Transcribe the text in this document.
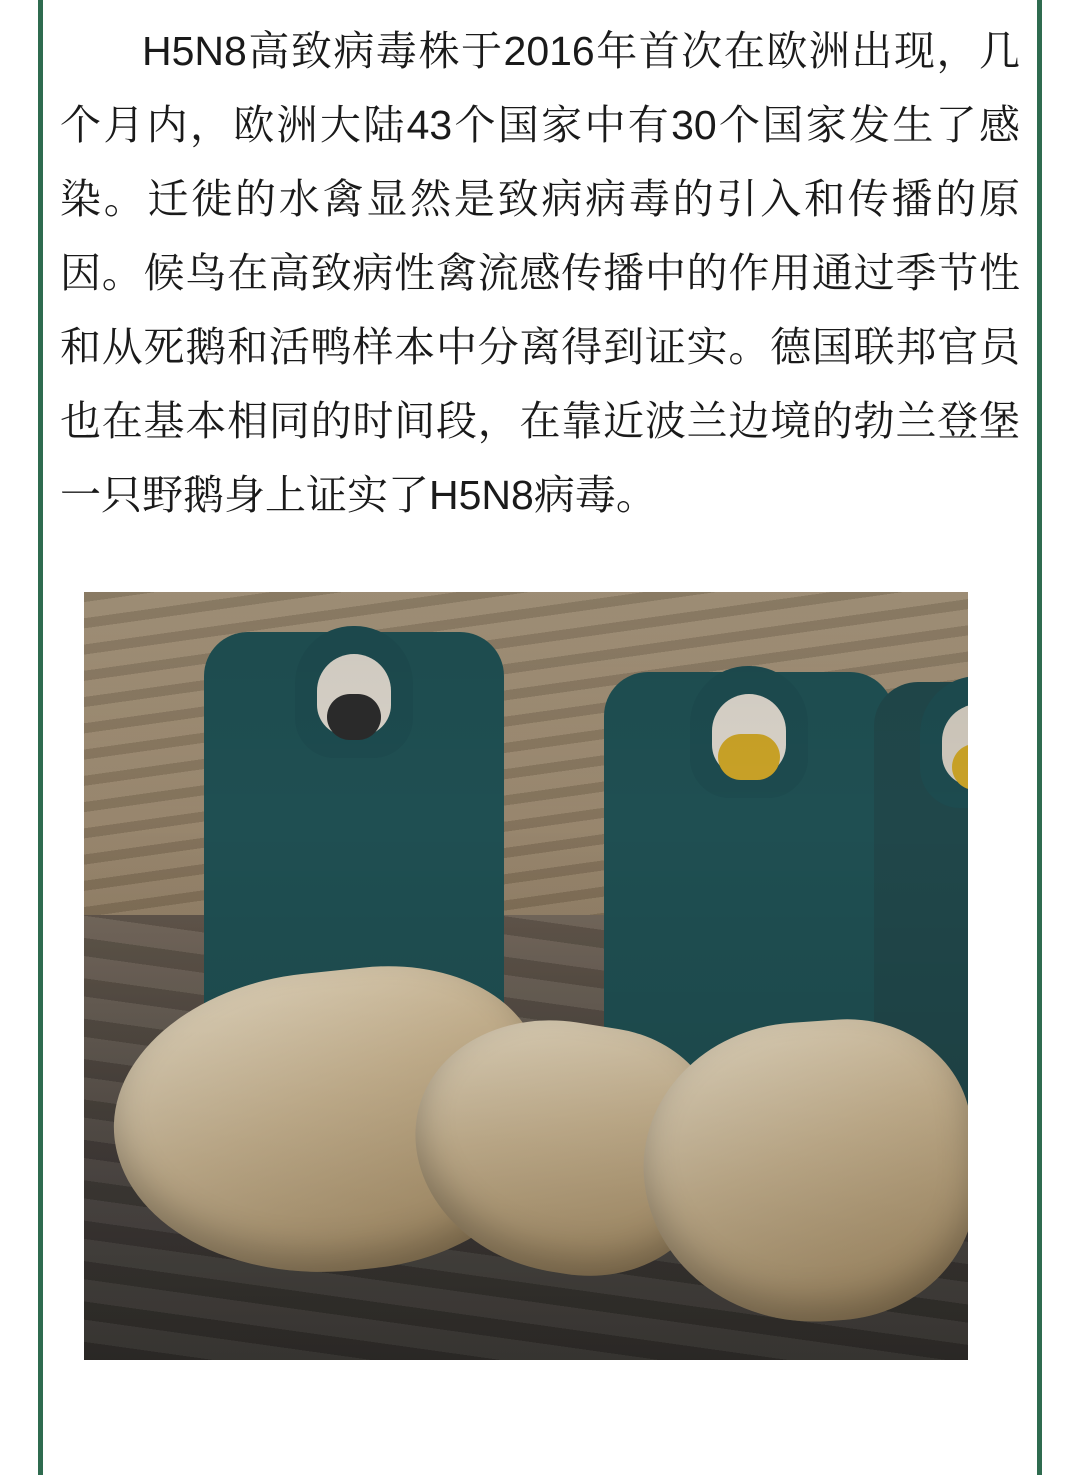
H5N8高致病毒株于2016年首次在欧洲出现，几个月内，欧洲大陆43个国家中有30个国家发生了感染。迁徙的水禽显然是致病病毒的引入和传播的原因。候鸟在高致病性禽流感传播中的作用通过季节性和从死鹅和活鸭样本中分离得到证实。德国联邦官员也在基本相同的时间段，在靠近波兰边境的勃兰登堡一只野鹅身上证实了H5N8病毒。
